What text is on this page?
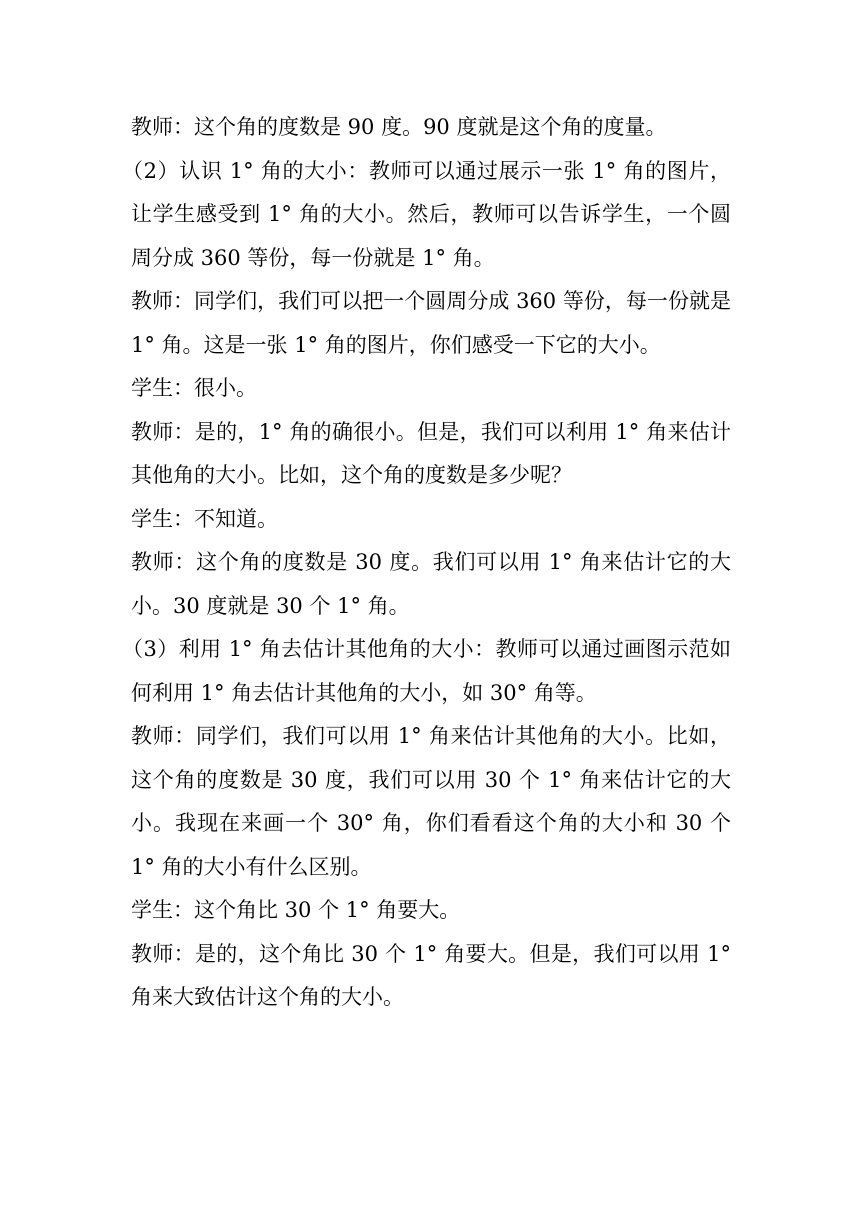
教师：这个角的度数是 90 度。90 度就是这个角的度量。

（2）认识 1° 角的大小：教师可以通过展示一张 1° 角的图片，让学生感受到 1° 角的大小。然后，教师可以告诉学生，一个圆周分成 360 等份，每一份就是 1° 角。

教师：同学们，我们可以把一个圆周分成 360 等份，每一份就是 1° 角。这是一张 1° 角的图片，你们感受一下它的大小。

学生：很小。

教师：是的，1° 角的确很小。但是，我们可以利用 1° 角来估计其他角的大小。比如，这个角的度数是多少呢？

学生：不知道。

教师：这个角的度数是 30 度。我们可以用 1° 角来估计它的大小。30 度就是 30 个 1° 角。

（3）利用 1° 角去估计其他角的大小：教师可以通过画图示范如何利用 1° 角去估计其他角的大小，如 30° 角等。

教师：同学们，我们可以用 1° 角来估计其他角的大小。比如，这个角的度数是 30 度，我们可以用 30 个 1° 角来估计它的大小。我现在来画一个 30° 角，你们看看这个角的大小和 30 个 1° 角的大小有什么区别。

学生：这个角比 30 个 1° 角要大。

教师：是的，这个角比 30 个 1° 角要大。但是，我们可以用 1° 角来大致估计这个角的大小。
